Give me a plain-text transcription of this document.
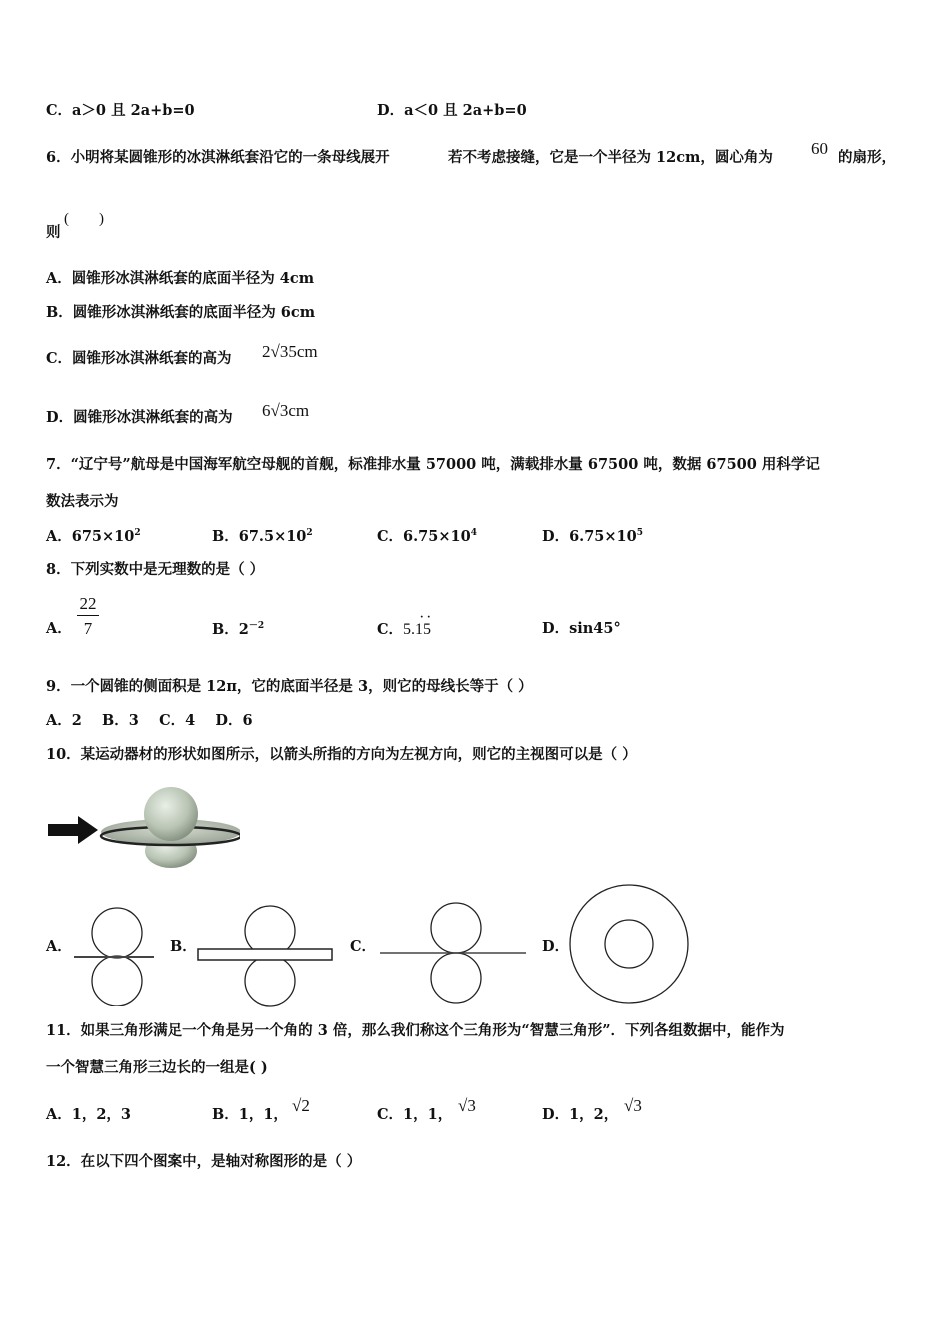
C．a＞0 且 2a+b=0	D．a＜0 且 2a+b=0
6．小明将某圆锥形的冰淇淋纸套沿它的一条母线展开	若不考虑接缝，它是一个半径为 12cm，圆心角为 60 的扇形，
则
(        )
A．圆锥形冰淇淋纸套的底面半径为 4cm
B．圆锥形冰淇淋纸套的底面半径为 6cm
C．圆锥形冰淇淋纸套的高为 2√35cm
D．圆锥形冰淇淋纸套的高为 6√3cm
7．“辽宁号”航母是中国海军航空母舰的首舰，标准排水量 57000 吨，满载排水量 67500 吨，数据 67500 用科学记
数法表示为
A．$675\times 10^2$	B．$67.5\times 10^2$	C．$6.75\times 10^4$	D．$6.75\times 10^5$
8．下列实数中是无理数的是（ ）
A．
22
7	B．$2^{-2}$	C．5.15
· ·
D．sin45°
9．一个圆锥的侧面积是 12π，它的底面半径是 3，则它的母线长等于（ ）
A．2    B．3    C．4    D．6
10．某运动器材的形状如图所示，以箭头所指的方向为左视方向，则它的主视图可以是（ ）
A．	B．	C．	D．
11．如果三角形满足一个角是另一个角的 3 倍，那么我们称这个三角形为“智慧三角形”．下列各组数据中，能作为
一个智慧三角形三边长的一组是( )
A．1，2，3	B．1，1， √2	C．1，1， √3	D．1，2， √3
12．在以下四个图案中，是轴对称图形的是（ ）
